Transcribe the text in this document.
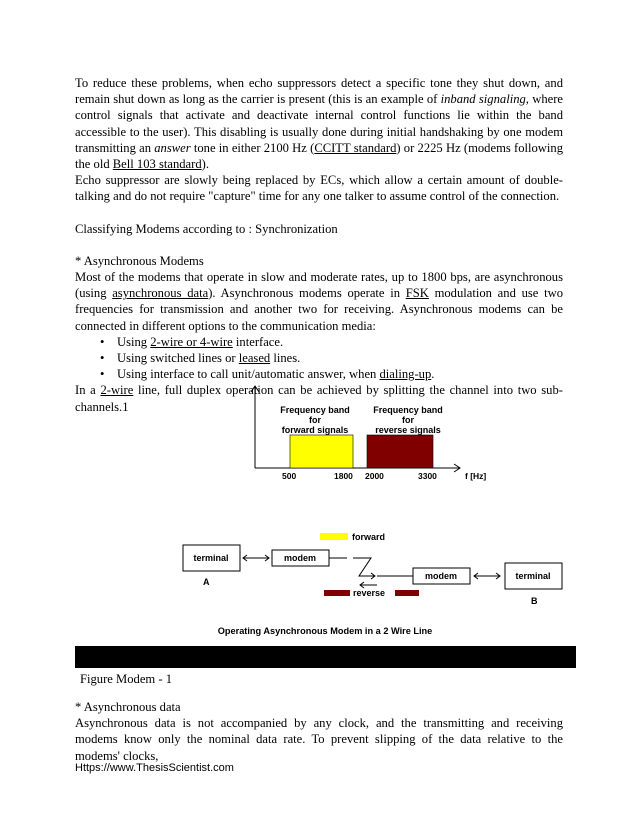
To reduce these problems, when echo suppressors detect a specific tone they shut down, and remain shut down as long as the carrier is present (this is an example of inband signaling, where control signals that activate and deactivate internal control functions lie within the band accessible to the user). This disabling is usually done during initial handshaking by one modem transmitting an answer tone in either 2100 Hz (CCITT standard) or 2225 Hz (modems following the old Bell 103 standard).

Echo suppressor are slowly being replaced by ECs, which allow a certain amount of double-talking and do not require "capture" time for any one talker to assume control of the connection.

Classifying Modems according to : Synchronization

* Asynchronous Modems

Most of the modems that operate in slow and moderate rates, up to 1800 bps, are asynchronous (using asynchronous data). Asynchronous modems operate in FSK modulation and use two frequencies for transmission and another two for receiving. Asynchronous modems can be connected in different options to the communication media:

• Using 2-wire or 4-wire interface.
• Using switched lines or leased lines.
• Using interface to call unit/automatic answer, when dialing-up.

In a 2-wire line, full duplex operation can be achieved by splitting the channel into two sub-channels.1	Frequency band
for
forward signals
Frequency band
for
reverse signals
500	1800 2000	3300	f [Hz]
terminal
A
modem
forward
reverse
modem	terminal
B
Operating Asynchronous Modem in a 2 Wire Line
Figure Modem - 1

* Asynchronous data

Asynchronous data is not accompanied by any clock, and the transmitting and receiving modems know only the nominal data rate. To prevent slipping of the data relative to the modems' clocks,

Https://www.ThesisScientist.com
